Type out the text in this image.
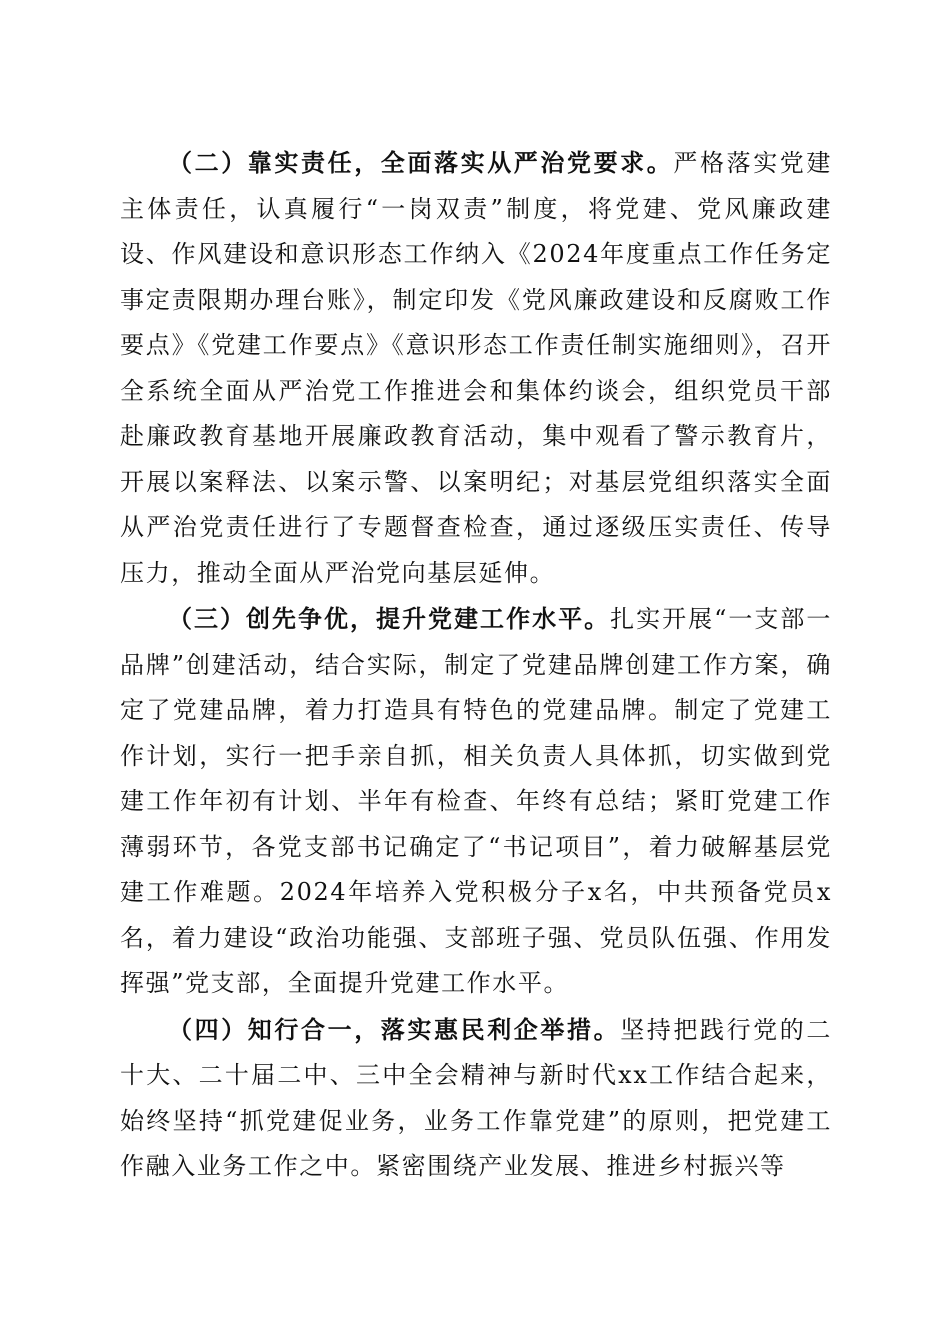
（二）靠实责任，全面落实从严治党要求。严格落实党建主体责任，认真履行“一岗双责”制度，将党建、党风廉政建设、作风建设和意识形态工作纳入《2024年度重点工作任务定事定责限期办理台账》，制定印发《党风廉政建设和反腐败工作要点》《党建工作要点》《意识形态工作责任制实施细则》，召开全系统全面从严治党工作推进会和集体约谈会，组织党员干部赴廉政教育基地开展廉政教育活动，集中观看了警示教育片，开展以案释法、以案示警、以案明纪；对基层党组织落实全面从严治党责任进行了专题督查检查，通过逐级压实责任、传导压力，推动全面从严治党向基层延伸。

（三）创先争优，提升党建工作水平。扎实开展“一支部一品牌”创建活动，结合实际，制定了党建品牌创建工作方案，确定了党建品牌，着力打造具有特色的党建品牌。制定了党建工作计划，实行一把手亲自抓，相关负责人具体抓，切实做到党建工作年初有计划、半年有检查、年终有总结；紧盯党建工作薄弱环节，各党支部书记确定了“书记项目”，着力破解基层党建工作难题。2024年培养入党积极分子x名，中共预备党员x名，着力建设“政治功能强、支部班子强、党员队伍强、作用发挥强”党支部，全面提升党建工作水平。

（四）知行合一，落实惠民利企举措。坚持把践行党的二十大、二十届二中、三中全会精神与新时代xx工作结合起来，始终坚持“抓党建促业务，业务工作靠党建”的原则，把党建工作融入业务工作之中。紧密围绕产业发展、推进乡村振兴等
